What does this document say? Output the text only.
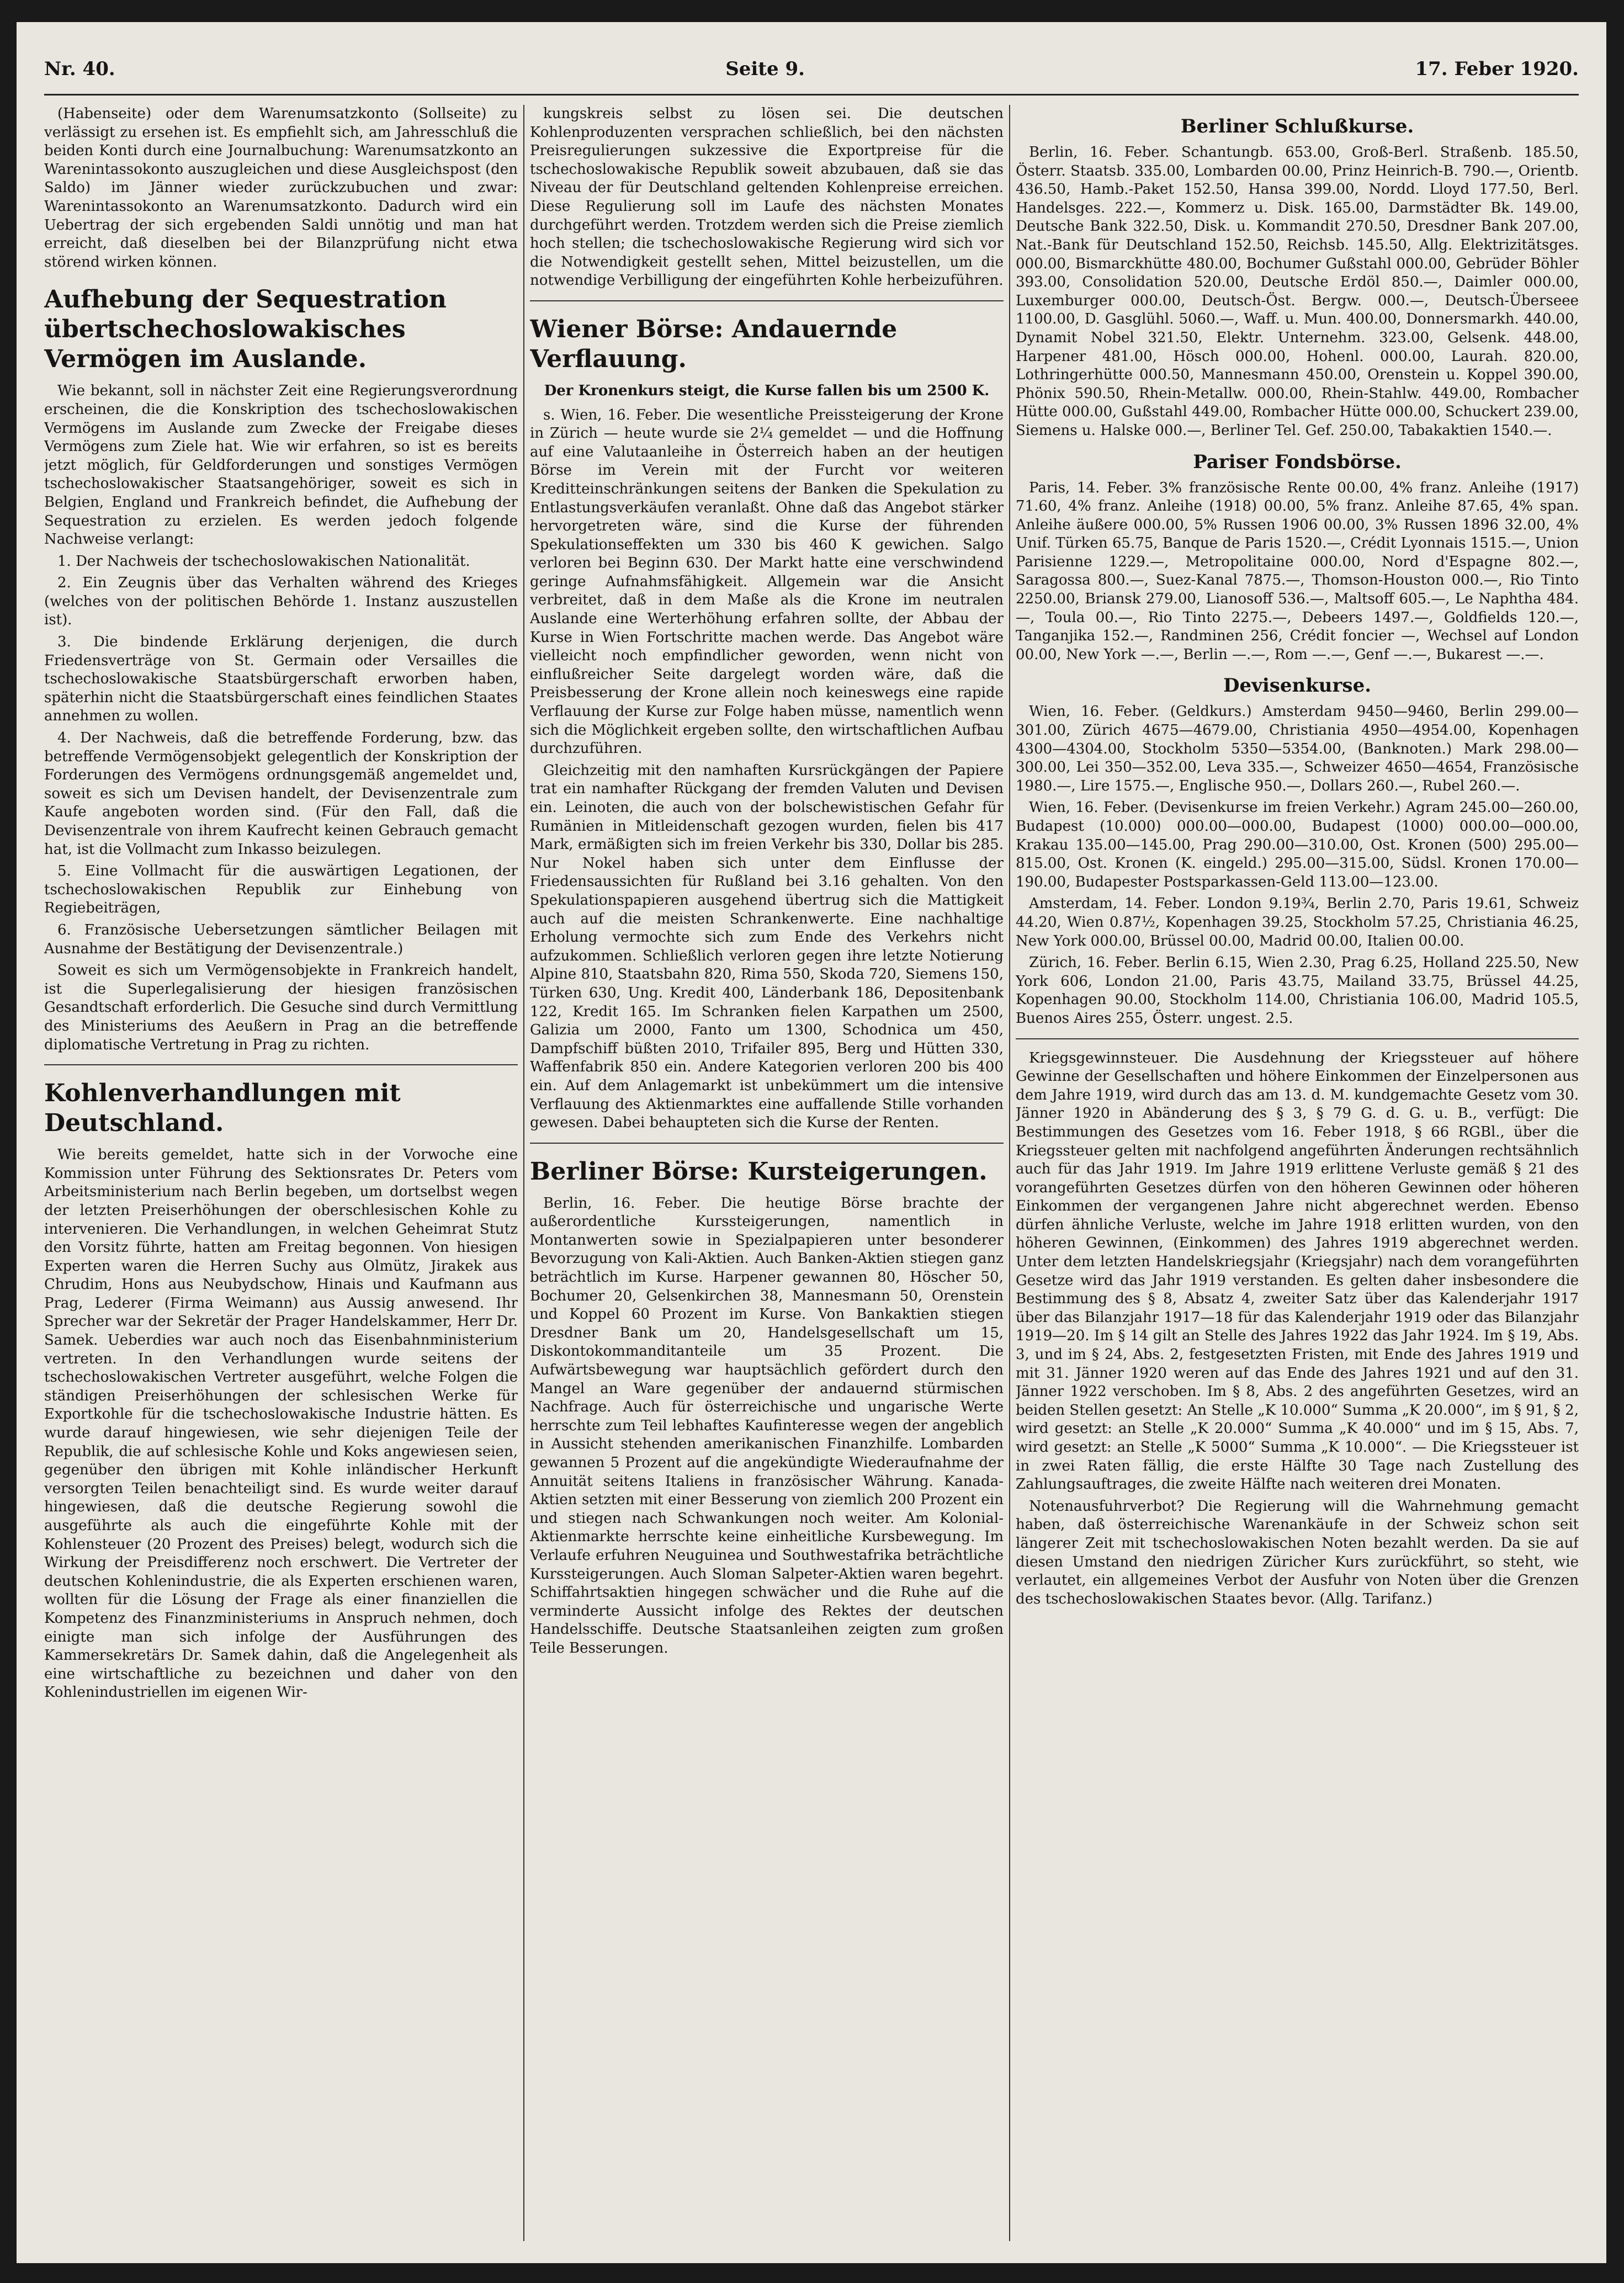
Nr. 40.	Seite 9.	17. Feber 1920.

(Habenseite) oder dem Warenumsatzkonto (Sollseite) zu verlässigt zu ersehen ist. Es empfiehlt sich, am Jahresschluß die beiden Konti durch eine Journalbuchung: Warenumsatzkonto an Warenintassokonto auszugleichen und diese Ausgleichspost (den Saldo) im Jänner wieder zurückzubuchen und zwar: Warenintassokonto an Warenumsatzkonto. Dadurch wird ein Uebertrag der sich ergebenden Saldi unnötig und man hat erreicht, daß dieselben bei der Bilanzprüfung nicht etwa störend wirken können.

Aufhebung der Sequestration übertschechoslowakisches Vermögen im Auslande.

Wie bekannt, soll in nächster Zeit eine Regierungsverordnung erscheinen, die die Konskription des tschechoslowakischen Vermögens im Auslande zum Zwecke der Freigabe dieses Vermögens zum Ziele hat. Wie wir erfahren, so ist es bereits jetzt möglich, für Geldforderungen und sonstiges Vermögen tschechoslowakischer Staatsangehöriger, soweit es sich in Belgien, England und Frankreich befindet, die Aufhebung der Sequestration zu erzielen. Es werden jedoch folgende Nachweise verlangt:

1. Der Nachweis der tschechoslowakischen Nationalität.

2. Ein Zeugnis über das Verhalten während des Krieges (welches von der politischen Behörde 1. Instanz auszustellen ist).

3. Die bindende Erklärung derjenigen, die durch Friedensverträge von St. Germain oder Versailles die tschechoslowakische Staatsbürgerschaft erworben haben, späterhin nicht die Staatsbürgerschaft eines feindlichen Staates annehmen zu wollen.

4. Der Nachweis, daß die betreffende Forderung, bzw. das betreffende Vermögensobjekt gelegentlich der Konskription der Forderungen des Vermögens ordnungsgemäß angemeldet und, soweit es sich um Devisen handelt, der Devisenzentrale zum Kaufe angeboten worden sind. (Für den Fall, daß die Devisenzentrale von ihrem Kaufrecht keinen Gebrauch gemacht hat, ist die Vollmacht zum Inkasso beizulegen.

5. Eine Vollmacht für die auswärtigen Legationen, der tschechoslowakischen Republik zur Einhebung von Regiebeiträgen,

6. Französische Uebersetzungen sämtlicher Beilagen mit Ausnahme der Bestätigung der Devisenzentrale.)

Soweit es sich um Vermögensobjekte in Frankreich handelt, ist die Superlegalisierung der hiesigen französischen Gesandtschaft erforderlich. Die Gesuche sind durch Vermittlung des Ministeriums des Aeußern in Prag an die betreffende diplomatische Vertretung in Prag zu richten.

Kohlenverhandlungen mit Deutschland.

Wie bereits gemeldet, hatte sich in der Vorwoche eine Kommission unter Führung des Sektionsrates Dr. Peters vom Arbeitsministerium nach Berlin begeben, um dortselbst wegen der letzten Preiserhöhungen der oberschlesischen Kohle zu intervenieren. Die Verhandlungen, in welchen Geheimrat Stutz den Vorsitz führte, hatten am Freitag begonnen. Von hiesigen Experten waren die Herren Suchy aus Olmütz, Jirakek aus Chrudim, Hons aus Neubydschow, Hinais und Kaufmann aus Prag, Lederer (Firma Weimann) aus Aussig anwesend. Ihr Sprecher war der Sekretär der Prager Handelskammer, Herr Dr. Samek. Ueberdies war auch noch das Eisenbahnministerium vertreten. In den Verhandlungen wurde seitens der tschechoslowakischen Vertreter ausgeführt, welche Folgen die ständigen Preiserhöhungen der schlesischen Werke für Exportkohle für die tschechoslowakische Industrie hätten. Es wurde darauf hingewiesen, wie sehr diejenigen Teile der Republik, die auf schlesische Kohle und Koks angewiesen seien, gegenüber den übrigen mit Kohle inländischer Herkunft versorgten Teilen benachteiligt sind. Es wurde weiter darauf hingewiesen, daß die deutsche Regierung sowohl die ausgeführte als auch die eingeführte Kohle mit der Kohlensteuer (20 Prozent des Preises) belegt, wodurch sich die Wirkung der Preisdifferenz noch erschwert. Die Vertreter der deutschen Kohlenindustrie, die als Experten erschienen waren, wollten für die Lösung der Frage als einer finanziellen die Kompetenz des Finanzministeriums in Anspruch nehmen, doch einigte man sich infolge der Ausführungen des Kammersekretärs Dr. Samek dahin, daß die Angelegenheit als eine wirtschaftliche zu bezeichnen und daher von den Kohlenindustriellen im eigenen Wir-

kungskreis selbst zu lösen sei. Die deutschen Kohlenproduzenten versprachen schließlich, bei den nächsten Preisregulierungen sukzessive die Exportpreise für die tschechoslowakische Republik soweit abzubauen, daß sie das Niveau der für Deutschland geltenden Kohlenpreise erreichen. Diese Regulierung soll im Laufe des nächsten Monates durchgeführt werden. Trotzdem werden sich die Preise ziemlich hoch stellen; die tschechoslowakische Regierung wird sich vor die Notwendigkeit gestellt sehen, Mittel beizustellen, um die notwendige Verbilligung der eingeführten Kohle herbeizuführen.

Wiener Börse: Andauernde Verflauung.

Der Kronenkurs steigt, die Kurse fallen bis um 2500 K.

s. Wien, 16. Feber. Die wesentliche Preissteigerung der Krone in Zürich — heute wurde sie 2¼ gemeldet — und die Hoffnung auf eine Valutaanleihe in Österreich haben an der heutigen Börse im Verein mit der Furcht vor weiteren Kreditteinschränkungen seitens der Banken die Spekulation zu Entlastungsverkäufen veranlaßt. Ohne daß das Angebot stärker hervorgetreten wäre, sind die Kurse der führenden Spekulationseffekten um 330 bis 460 K gewichen. Salgo verloren bei Beginn 630. Der Markt hatte eine verschwindend geringe Aufnahmsfähigkeit. Allgemein war die Ansicht verbreitet, daß in dem Maße als die Krone im neutralen Auslande eine Werterhöhung erfahren sollte, der Abbau der Kurse in Wien Fortschritte machen werde. Das Angebot wäre vielleicht noch empfindlicher geworden, wenn nicht von einflußreicher Seite dargelegt worden wäre, daß die Preisbesserung der Krone allein noch keineswegs eine rapide Verflauung der Kurse zur Folge haben müsse, namentlich wenn sich die Möglichkeit ergeben sollte, den wirtschaftlichen Aufbau durchzuführen.

Gleichzeitig mit den namhaften Kursrückgängen der Papiere trat ein namhafter Rückgang der fremden Valuten und Devisen ein. Leinoten, die auch von der bolschewistischen Gefahr für Rumänien in Mitleidenschaft gezogen wurden, fielen bis 417 Mark, ermäßigten sich im freien Verkehr bis 330, Dollar bis 285. Nur Nokel haben sich unter dem Einflusse der Friedensaussichten für Rußland bei 3.16 gehalten. Von den Spekulationspapieren ausgehend übertrug sich die Mattigkeit auch auf die meisten Schrankenwerte. Eine nachhaltige Erholung vermochte sich zum Ende des Verkehrs nicht aufzukommen. Schließlich verloren gegen ihre letzte Notierung Alpine 810, Staatsbahn 820, Rima 550, Skoda 720, Siemens 150, Türken 630, Ung. Kredit 400, Länderbank 186, Depositenbank 122, Kredit 165. Im Schranken fielen Karpathen um 2500, Galizia um 2000, Fanto um 1300, Schodnica um 450, Dampfschiff büßten 2010, Trifailer 895, Berg und Hütten 330, Waffenfabrik 850 ein. Andere Kategorien verloren 200 bis 400 ein. Auf dem Anlagemarkt ist unbekümmert um die intensive Verflauung des Aktienmarktes eine auffallende Stille vorhanden gewesen. Dabei behaupteten sich die Kurse der Renten.

Berliner Börse: Kursteigerungen.

Berlin, 16. Feber. Die heutige Börse brachte der außerordentliche Kurssteigerungen, namentlich in Montanwerten sowie in Spezialpapieren unter besonderer Bevorzugung von Kali-Aktien. Auch Banken-Aktien stiegen ganz beträchtlich im Kurse. Harpener gewannen 80, Höscher 50, Bochumer 20, Gelsenkirchen 38, Mannesmann 50, Orenstein und Koppel 60 Prozent im Kurse. Von Bankaktien stiegen Dresdner Bank um 20, Handelsgesellschaft um 15, Diskontokommanditanteile um 35 Prozent. Die Aufwärtsbewegung war hauptsächlich gefördert durch den Mangel an Ware gegenüber der andauernd stürmischen Nachfrage. Auch für österreichische und ungarische Werte herrschte zum Teil lebhaftes Kaufinteresse wegen der angeblich in Aussicht stehenden amerikanischen Finanzhilfe. Lombarden gewannen 5 Prozent auf die angekündigte Wiederaufnahme der Annuität seitens Italiens in französischer Währung. Kanada-Aktien setzten mit einer Besserung von ziemlich 200 Prozent ein und stiegen nach Schwankungen noch weiter. Am Kolonial-Aktienmarkte herrschte keine einheitliche Kursbewegung. Im Verlaufe erfuhren Neuguinea und Southwestafrika beträchtliche Kurssteigerungen. Auch Sloman Salpeter-Aktien waren begehrt. Schiffahrtsaktien hingegen schwächer und die Ruhe auf die verminderte Aussicht infolge des Rektes der deutschen Handelsschiffe. Deutsche Staatsanleihen zeigten zum großen Teile Besserungen.

Berliner Schlußkurse.

Berlin, 16. Feber. Schantungb. 653.00, Groß-Berl. Straßenb. 185.50, Österr. Staatsb. 335.00, Lombarden 00.00, Prinz Heinrich-B. 790.—, Orientb. 436.50, Hamb.-Paket 152.50, Hansa 399.00, Nordd. Lloyd 177.50, Berl. Handelsges. 222.—, Kommerz u. Disk. 165.00, Darmstädter Bk. 149.00, Deutsche Bank 322.50, Disk. u. Kommandit 270.50, Dresdner Bank 207.00, Nat.-Bank für Deutschland 152.50, Reichsb. 145.50, Allg. Elektrizitätsges. 000.00, Bismarckhütte 480.00, Bochumer Gußstahl 000.00, Gebrüder Böhler 393.00, Consolidation 520.00, Deutsche Erdöl 850.—, Daimler 000.00, Luxemburger 000.00, Deutsch-Öst. Bergw. 000.—, Deutsch-Überseee 1100.00, D. Gasglühl. 5060.—, Waff. u. Mun. 400.00, Donnersmarkh. 440.00, Dynamit Nobel 321.50, Elektr. Unternehm. 323.00, Gelsenk. 448.00, Harpener 481.00, Hösch 000.00, Hohenl. 000.00, Laurah. 820.00, Lothringerhütte 000.50, Mannesmann 450.00, Orenstein u. Koppel 390.00, Phönix 590.50, Rhein-Metallw. 000.00, Rhein-Stahlw. 449.00, Rombacher Hütte 000.00, Gußstahl 449.00, Rombacher Hütte 000.00, Schuckert 239.00, Siemens u. Halske 000.—, Berliner Tel. Gef. 250.00, Tabakaktien 1540.—.

Pariser Fondsbörse.

Paris, 14. Feber. 3% französische Rente 00.00, 4% franz. Anleihe (1917) 71.60, 4% franz. Anleihe (1918) 00.00, 5% franz. Anleihe 87.65, 4% span. Anleihe äußere 000.00, 5% Russen 1906 00.00, 3% Russen 1896 32.00, 4% Unif. Türken 65.75, Banque de Paris 1520.—, Crédit Lyonnais 1515.—, Union Parisienne 1229.—, Metropolitaine 000.00, Nord d'Espagne 802.—, Saragossa 800.—, Suez-Kanal 7875.—, Thomson-Houston 000.—, Rio Tinto 2250.00, Briansk 279.00, Lianosoff 536.—, Maltsoff 605.—, Le Naphtha 484.—, Toula 00.—, Rio Tinto 2275.—, Debeers 1497.—, Goldfields 120.—, Tanganjika 152.—, Randminen 256, Crédit foncier —, Wechsel auf London 00.00, New York —.—, Berlin —.—, Rom —.—, Genf —.—, Bukarest —.—.

Devisenkurse.

Wien, 16. Feber. (Geldkurs.) Amsterdam 9450—9460, Berlin 299.00—301.00, Zürich 4675—4679.00, Christiania 4950—4954.00, Kopenhagen 4300—4304.00, Stockholm 5350—5354.00, (Banknoten.) Mark 298.00—300.00, Lei 350—352.00, Leva 335.—, Schweizer 4650—4654, Französische 1980.—, Lire 1575.—, Englische 950.—, Dollars 260.—, Rubel 260.—.

Wien, 16. Feber. (Devisenkurse im freien Verkehr.) Agram 245.00—260.00, Budapest (10.000) 000.00—000.00, Budapest (1000) 000.00—000.00, Krakau 135.00—145.00, Prag 290.00—310.00, Ost. Kronen (500) 295.00—815.00, Ost. Kronen (K. eingeld.) 295.00—315.00, Südsl. Kronen 170.00—190.00, Budapester Postsparkassen-Geld 113.00—123.00.

Amsterdam, 14. Feber. London 9.19¾, Berlin 2.70, Paris 19.61, Schweiz 44.20, Wien 0.87½, Kopenhagen 39.25, Stockholm 57.25, Christiania 46.25, New York 000.00, Brüssel 00.00, Madrid 00.00, Italien 00.00.

Zürich, 16. Feber. Berlin 6.15, Wien 2.30, Prag 6.25, Holland 225.50, New York 606, London 21.00, Paris 43.75, Mailand 33.75, Brüssel 44.25, Kopenhagen 90.00, Stockholm 114.00, Christiania 106.00, Madrid 105.5, Buenos Aires 255, Österr. ungest. 2.5.

Kriegsgewinnsteuer. Die Ausdehnung der Kriegssteuer auf höhere Gewinne der Gesellschaften und höhere Einkommen der Einzelpersonen aus dem Jahre 1919, wird durch das am 13. d. M. kundgemachte Gesetz vom 30. Jänner 1920 in Abänderung des § 3, § 79 G. d. G. u. B., verfügt: Die Bestimmungen des Gesetzes vom 16. Feber 1918, § 66 RGBl., über die Kriegssteuer gelten mit nachfolgend angeführten Änderungen rechtsähnlich auch für das Jahr 1919. Im Jahre 1919 erlittene Verluste gemäß § 21 des vorangeführten Gesetzes dürfen von den höheren Gewinnen oder höheren Einkommen der vergangenen Jahre nicht abgerechnet werden. Ebenso dürfen ähnliche Verluste, welche im Jahre 1918 erlitten wurden, von den höheren Gewinnen, (Einkommen) des Jahres 1919 abgerechnet werden. Unter dem letzten Handelskriegsjahr (Kriegsjahr) nach dem vorangeführten Gesetze wird das Jahr 1919 verstanden. Es gelten daher insbesondere die Bestimmung des § 8, Absatz 4, zweiter Satz über das Kalenderjahr 1917 über das Bilanzjahr 1917—18 für das Kalenderjahr 1919 oder das Bilanzjahr 1919—20. Im § 14 gilt an Stelle des Jahres 1922 das Jahr 1924. Im § 19, Abs. 3, und im § 24, Abs. 2, festgesetzten Fristen, mit Ende des Jahres 1919 und mit 31. Jänner 1920 weren auf das Ende des Jahres 1921 und auf den 31. Jänner 1922 verschoben. Im § 8, Abs. 2 des angeführten Gesetzes, wird an beiden Stellen gesetzt: An Stelle „K 10.000“ Summa „K 20.000“, im § 91, § 2, wird gesetzt: an Stelle „K 20.000“ Summa „K 40.000“ und im § 15, Abs. 7, wird gesetzt: an Stelle „K 5000“ Summa „K 10.000“. — Die Kriegssteuer ist in zwei Raten fällig, die erste Hälfte 30 Tage nach Zustellung des Zahlungsauftrages, die zweite Hälfte nach weiteren drei Monaten.

Notenausfuhrverbot? Die Regierung will die Wahrnehmung gemacht haben, daß österreichische Warenankäufe in der Schweiz schon seit längerer Zeit mit tschechoslowakischen Noten bezahlt werden. Da sie auf diesen Umstand den niedrigen Züricher Kurs zurückführt, so steht, wie verlautet, ein allgemeines Verbot der Ausfuhr von Noten über die Grenzen des tschechoslowakischen Staates bevor. (Allg. Tarifanz.)
